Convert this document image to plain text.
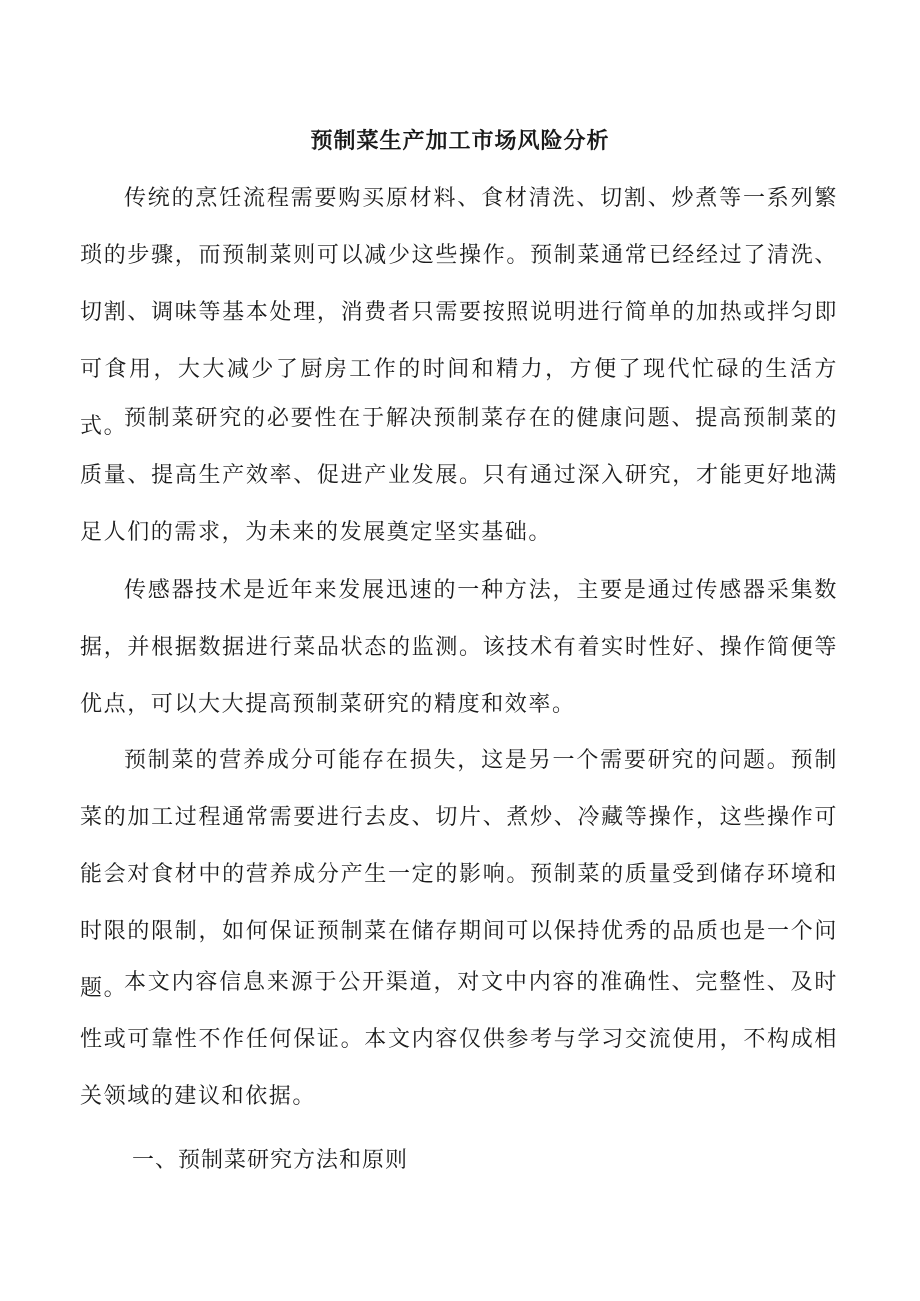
预制菜生产加工市场风险分析

传统的烹饪流程需要购买原材料、食材清洗、切割、炒煮等一系列繁琐的步骤，而预制菜则可以减少这些操作。预制菜通常已经经过了清洗、切割、调味等基本处理，消费者只需要按照说明进行简单的加热或拌匀即可食用，大大减少了厨房工作的时间和精力，方便了现代忙碌的生活方式。

预制菜研究的必要性在于解决预制菜存在的健康问题、提高预制菜的质量、提高生产效率、促进产业发展。只有通过深入研究，才能更好地满足人们的需求，为未来的发展奠定坚实基础。

传感器技术是近年来发展迅速的一种方法，主要是通过传感器采集数据，并根据数据进行菜品状态的监测。该技术有着实时性好、操作简便等优点，可以大大提高预制菜研究的精度和效率。

预制菜的营养成分可能存在损失，这是另一个需要研究的问题。预制菜的加工过程通常需要进行去皮、切片、煮炒、冷藏等操作，这些操作可能会对食材中的营养成分产生一定的影响。预制菜的质量受到储存环境和时限的限制，如何保证预制菜在储存期间可以保持优秀的品质也是一个问题。

本文内容信息来源于公开渠道，对文中内容的准确性、完整性、及时性或可靠性不作任何保证。本文内容仅供参考与学习交流使用，不构成相关领域的建议和依据。

一、预制菜研究方法和原则
